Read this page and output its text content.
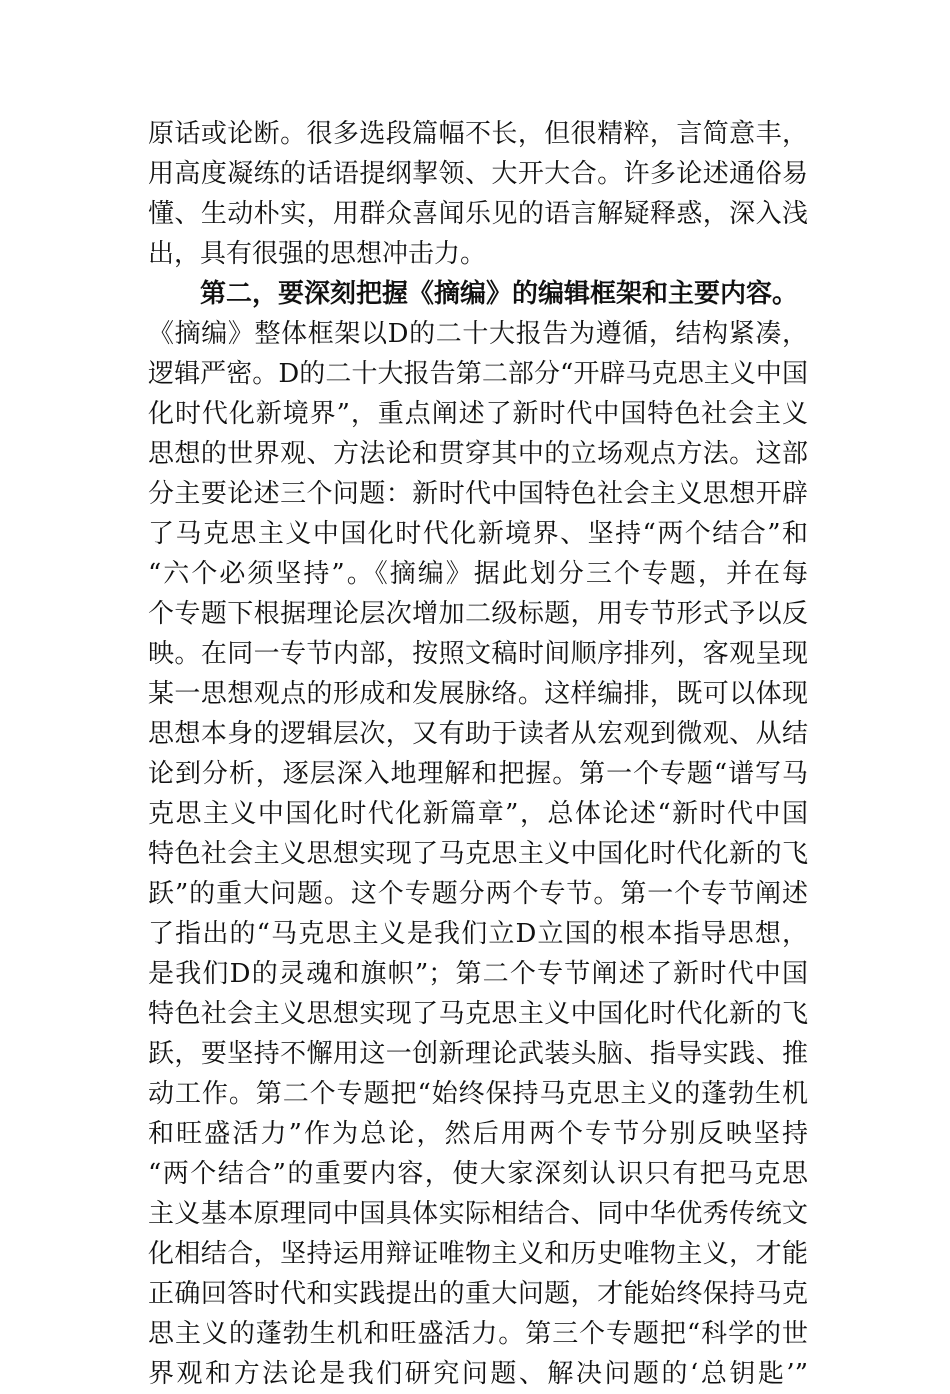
原话或论断。很多选段篇幅不长，但很精粹，言简意丰，
用高度凝练的话语提纲挈领、大开大合。许多论述通俗易
懂、生动朴实，用群众喜闻乐见的语言解疑释惑，深入浅
出，具有很强的思想冲击力。
第二，要深刻把握《摘编》的编辑框架和主要内容。
《摘编》整体框架以D的二十大报告为遵循，结构紧凑，
逻辑严密。D的二十大报告第二部分“开辟马克思主义中国
化时代化新境界”，重点阐述了新时代中国特色社会主义
思想的世界观、方法论和贯穿其中的立场观点方法。这部
分主要论述三个问题：新时代中国特色社会主义思想开辟
了马克思主义中国化时代化新境界、坚持“两个结合”和
“六个必须坚持”。《摘编》据此划分三个专题，并在每
个专题下根据理论层次增加二级标题，用专节形式予以反
映。在同一专节内部，按照文稿时间顺序排列，客观呈现
某一思想观点的形成和发展脉络。这样编排，既可以体现
思想本身的逻辑层次，又有助于读者从宏观到微观、从结
论到分析，逐层深入地理解和把握。第一个专题“谱写马
克思主义中国化时代化新篇章”，总体论述“新时代中国
特色社会主义思想实现了马克思主义中国化时代化新的飞
跃”的重大问题。这个专题分两个专节。第一个专节阐述
了指出的“马克思主义是我们立D立国的根本指导思想，
是我们D的灵魂和旗帜”；第二个专节阐述了新时代中国
特色社会主义思想实现了马克思主义中国化时代化新的飞
跃，要坚持不懈用这一创新理论武装头脑、指导实践、推
动工作。第二个专题把“始终保持马克思主义的蓬勃生机
和旺盛活力”作为总论，然后用两个专节分别反映坚持
“两个结合”的重要内容，使大家深刻认识只有把马克思
主义基本原理同中国具体实际相结合、同中华优秀传统文
化相结合，坚持运用辩证唯物主义和历史唯物主义，才能
正确回答时代和实践提出的重大问题，才能始终保持马克
思主义的蓬勃生机和旺盛活力。第三个专题把“科学的世
界观和方法论是我们研究问题、解决问题的‘总钥匙’”
